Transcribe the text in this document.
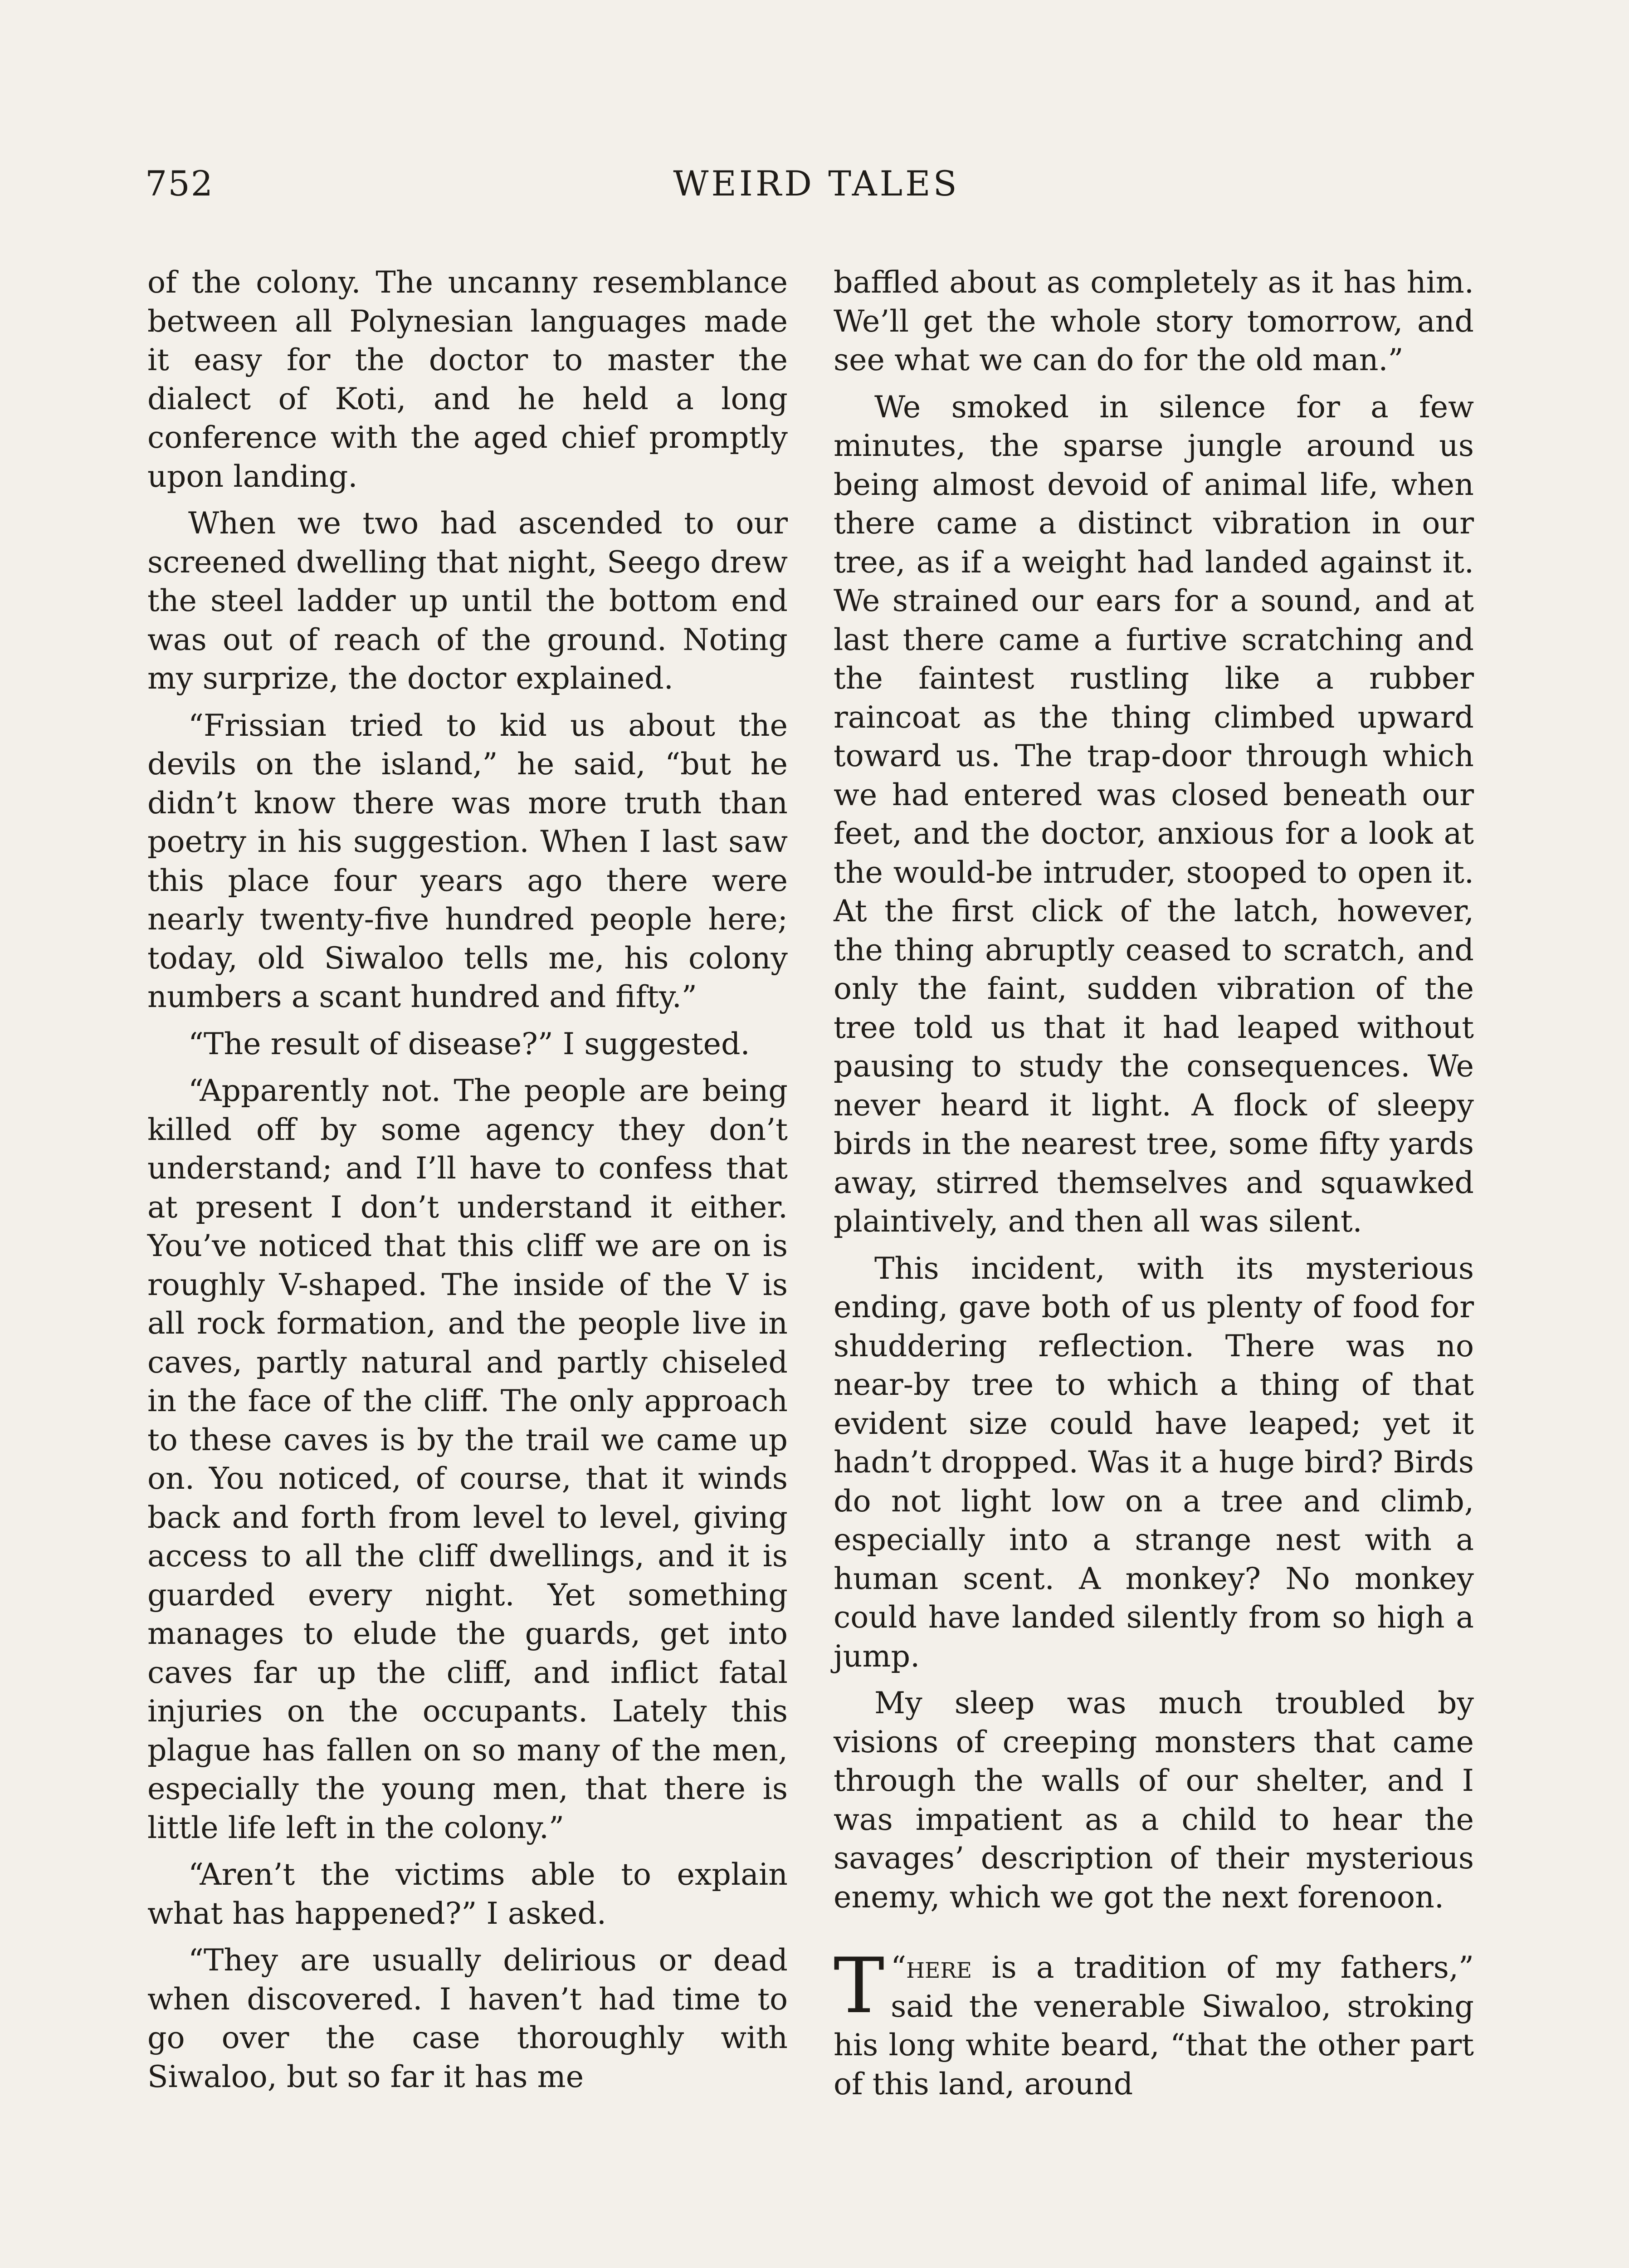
752	WEIRD TALES

of the colony. The uncanny resemblance between all Polynesian languages made it easy for the doctor to master the dialect of Koti, and he held a long conference with the aged chief promptly upon landing.

When we two had ascended to our screened dwelling that night, Seego drew the steel ladder up until the bottom end was out of reach of the ground. Noting my surprize, the doctor explained.

“Frissian tried to kid us about the devils on the island,” he said, “but he didn’t know there was more truth than poetry in his suggestion. When I last saw this place four years ago there were nearly twenty-five hundred people here; today, old Siwaloo tells me, his colony numbers a scant hundred and fifty.”

“The result of disease?” I suggested.

“Apparently not. The people are being killed off by some agency they don’t understand; and I’ll have to confess that at present I don’t understand it either. You’ve noticed that this cliff we are on is roughly V-shaped. The inside of the V is all rock formation, and the people live in caves, partly natural and partly chiseled in the face of the cliff. The only approach to these caves is by the trail we came up on. You noticed, of course, that it winds back and forth from level to level, giving access to all the cliff dwellings, and it is guarded every night. Yet something manages to elude the guards, get into caves far up the cliff, and inflict fatal injuries on the occupants. Lately this plague has fallen on so many of the men, especially the young men, that there is little life left in the colony.”

“Aren’t the victims able to explain what has happened?” I asked.

“They are usually delirious or dead when discovered. I haven’t had time to go over the case thoroughly with Siwaloo, but so far it has me

baffled about as completely as it has him. We’ll get the whole story tomorrow, and see what we can do for the old man.”

We smoked in silence for a few minutes, the sparse jungle around us being almost devoid of animal life, when there came a distinct vibration in our tree, as if a weight had landed against it. We strained our ears for a sound, and at last there came a furtive scratching and the faintest rustling like a rubber raincoat as the thing climbed upward toward us. The trap-door through which we had entered was closed beneath our feet, and the doctor, anxious for a look at the would-be intruder, stooped to open it. At the first click of the latch, however, the thing abruptly ceased to scratch, and only the faint, sudden vibration of the tree told us that it had leaped without pausing to study the consequences. We never heard it light. A flock of sleepy birds in the nearest tree, some fifty yards away, stirred themselves and squawked plaintively, and then all was silent.

This incident, with its mysterious ending, gave both of us plenty of food for shuddering reflection. There was no near-by tree to which a thing of that evident size could have leaped; yet it hadn’t dropped. Was it a huge bird? Birds do not light low on a tree and climb, especially into a strange nest with a human scent. A monkey? No monkey could have landed silently from so high a jump.

My sleep was much troubled by visions of creeping monsters that came through the walls of our shelter, and I was impatient as a child to hear the savages’ description of their mysterious enemy, which we got the next forenoon.

“
T here is a tradition of my fathers,” said the venerable Siwaloo, stroking his long white beard, “that the other part of this land, around
